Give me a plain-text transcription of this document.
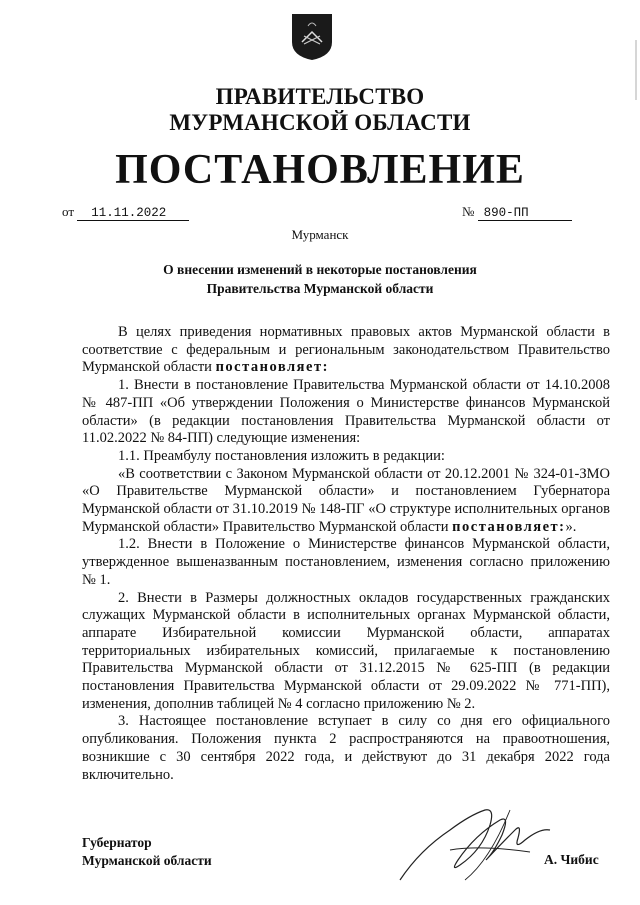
ПРАВИТЕЛЬСТВО
МУРМАНСКОЙ ОБЛАСТИ
ПОСТАНОВЛЕНИЕ
от 11.11.2022	№ 890-ПП
Мурманск
О внесении изменений в некоторые постановления
Правительства Мурманской области

В целях приведения нормативных правовых актов Мурманской области в соответствие с федеральным и региональным законодательством Правительство Мурманской области постановляет:

1. Внести в постановление Правительства Мурманской области от 14.10.2008 № 487-ПП «Об утверждении Положения о Министерстве финансов Мурманской области» (в редакции постановления Правительства Мурманской области от 11.02.2022 № 84-ПП) следующие изменения:

1.1. Преамбулу постановления изложить в редакции:

«В соответствии с Законом Мурманской области от 20.12.2001 № 324-01-ЗМО «О Правительстве Мурманской области» и постановлением Губернатора Мурманской области от 31.10.2019 № 148-ПГ «О структуре исполнительных органов Мурманской области» Правительство Мурманской области постановляет:».

1.2. Внести в Положение о Министерстве финансов Мурманской области, утвержденное вышеназванным постановлением, изменения согласно приложению № 1.

2. Внести в Размеры должностных окладов государственных гражданских служащих Мурманской области в исполнительных органах Мурманской области, аппарате Избирательной комиссии Мурманской области, аппаратах территориальных избирательных комиссий, прилагаемые к постановлению Правительства Мурманской области от 31.12.2015 № 625-ПП (в редакции постановления Правительства Мурманской области от 29.09.2022 № 771-ПП), изменения, дополнив таблицей № 4 согласно приложению № 2.

3. Настоящее постановление вступает в силу со дня его официального опубликования. Положения пункта 2 распространяются на правоотношения, возникшие с 30 сентября 2022 года, и действуют до 31 декабря 2022 года включительно.

Губернатор
Мурманской области	А. Чибис
